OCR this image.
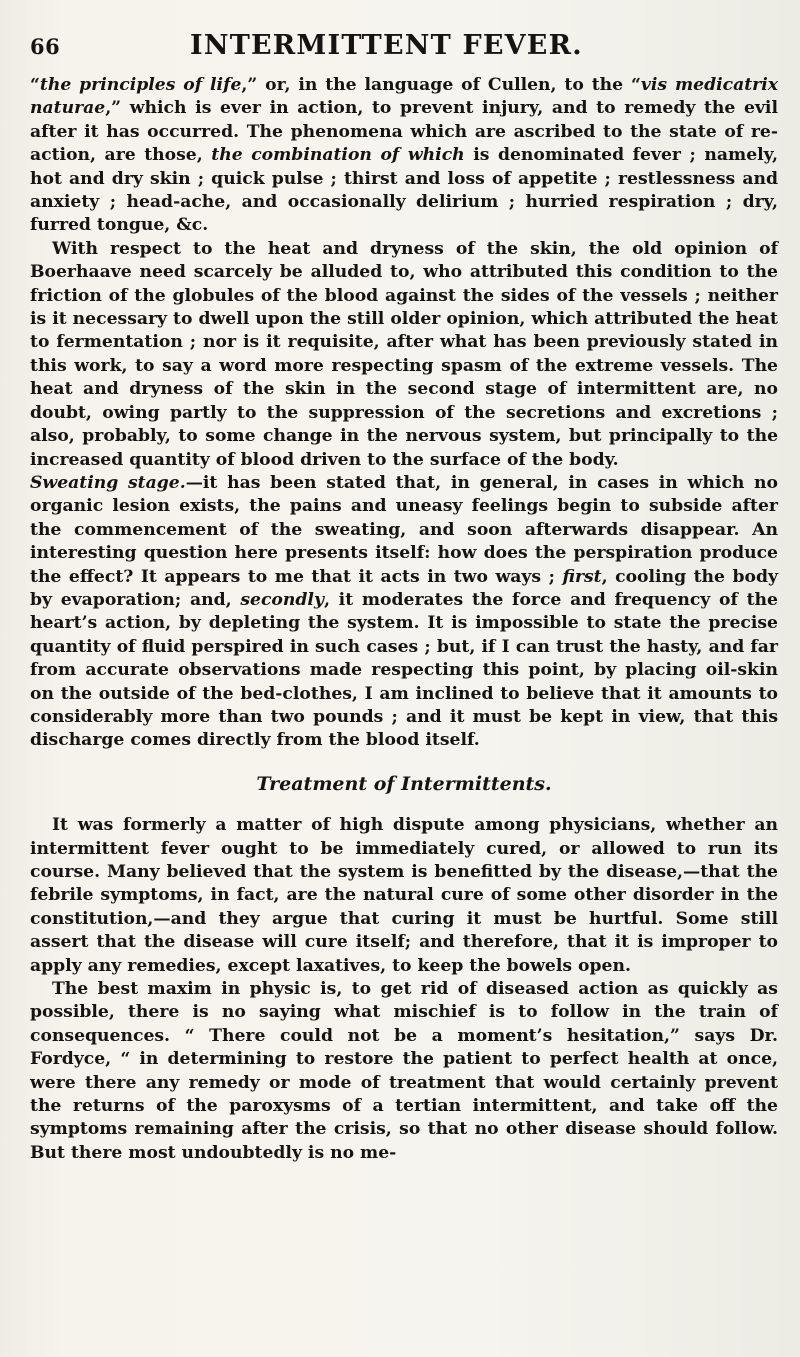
66	INTERMITTENT FEVER.

“the principles of life,” or, in the language of Cullen, to the “vis medicatrix naturae,” which is ever in action, to prevent injury, and to remedy the evil after it has occurred. The phenomena which are ascribed to the state of re-action, are those, the combination of which is denominated fever ; namely, hot and dry skin ; quick pulse ; thirst and loss of appetite ; restlessness and anxiety ; head-ache, and occasionally delirium ; hurried respiration ; dry, furred tongue, &c.

With respect to the heat and dryness of the skin, the old opinion of Boerhaave need scarcely be alluded to, who attributed this condition to the friction of the globules of the blood against the sides of the vessels ; neither is it necessary to dwell upon the still older opinion, which attributed the heat to fermentation ; nor is it requisite, after what has been previously stated in this work, to say a word more respecting spasm of the extreme vessels. The heat and dryness of the skin in the second stage of intermittent are, no doubt, owing partly to the suppression of the secretions and excretions ; also, probably, to some change in the nervous system, but principally to the increased quantity of blood driven to the surface of the body.

Sweating stage.—it has been stated that, in general, in cases in which no organic lesion exists, the pains and uneasy feelings begin to subside after the commencement of the sweating, and soon afterwards disappear. An interesting question here presents itself: how does the perspiration produce the effect? It appears to me that it acts in two ways ; first, cooling the body by evaporation; and, secondly, it moderates the force and frequency of the heart’s action, by depleting the system. It is impossible to state the precise quantity of fluid perspired in such cases ; but, if I can trust the hasty, and far from accurate observations made respecting this point, by placing oil-skin on the outside of the bed-clothes, I am inclined to believe that it amounts to considerably more than two pounds ; and it must be kept in view, that this discharge comes directly from the blood itself.

Treatment of Intermittents.

It was formerly a matter of high dispute among physicians, whether an intermittent fever ought to be immediately cured, or allowed to run its course. Many believed that the system is benefitted by the disease,—that the febrile symptoms, in fact, are the natural cure of some other disorder in the constitution,—and they argue that curing it must be hurtful. Some still assert that the disease will cure itself; and therefore, that it is improper to apply any remedies, except laxatives, to keep the bowels open.

The best maxim in physic is, to get rid of diseased action as quickly as possible, there is no saying what mischief is to follow in the train of consequences. “ There could not be a moment’s hesitation,” says Dr. Fordyce, “ in determining to restore the patient to perfect health at once, were there any remedy or mode of treatment that would certainly prevent the returns of the paroxysms of a tertian intermittent, and take off the symptoms remaining after the crisis, so that no other disease should follow. But there most undoubtedly is no me-
